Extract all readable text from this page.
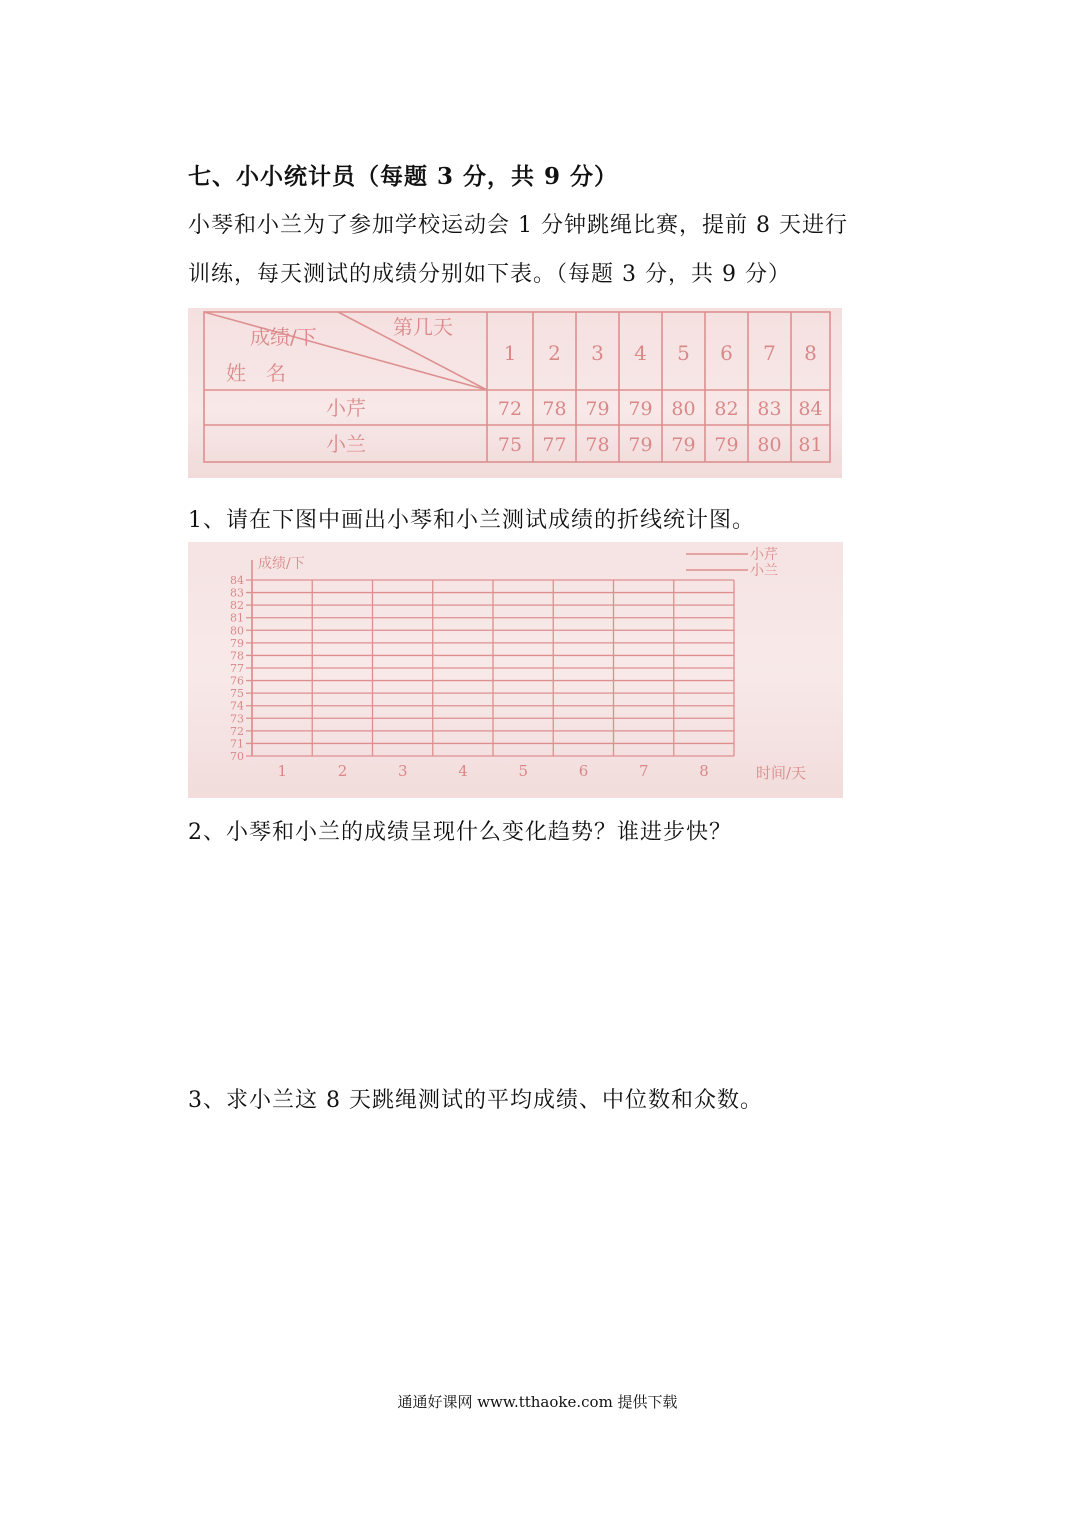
七、小小统计员（每题 3 分，共 9 分）
小琴和小兰为了参加学校运动会 1 分钟跳绳比赛，提前 8 天进行
训练，每天测试的成绩分别如下表。（每题 3 分，共 9 分）
第几天
成绩/下
姓　名
1 2 3 4 5 6 7 8
小芹	72 78 79 79 80 82 83 84
小兰	75 77 78 79 79 79 80 81
1、请在下图中画出小琴和小兰测试成绩的折线统计图。
70
71
72
73
74
75
76
77
78
79
80
81
82
83
84
1	2	3	4	5	6	7	8
成绩/下
时间/天
小芹
小兰
2、小琴和小兰的成绩呈现什么变化趋势？谁进步快？
3、求小兰这 8 天跳绳测试的平均成绩、中位数和众数。
通通好课网 www.tthaoke.com 提供下载
